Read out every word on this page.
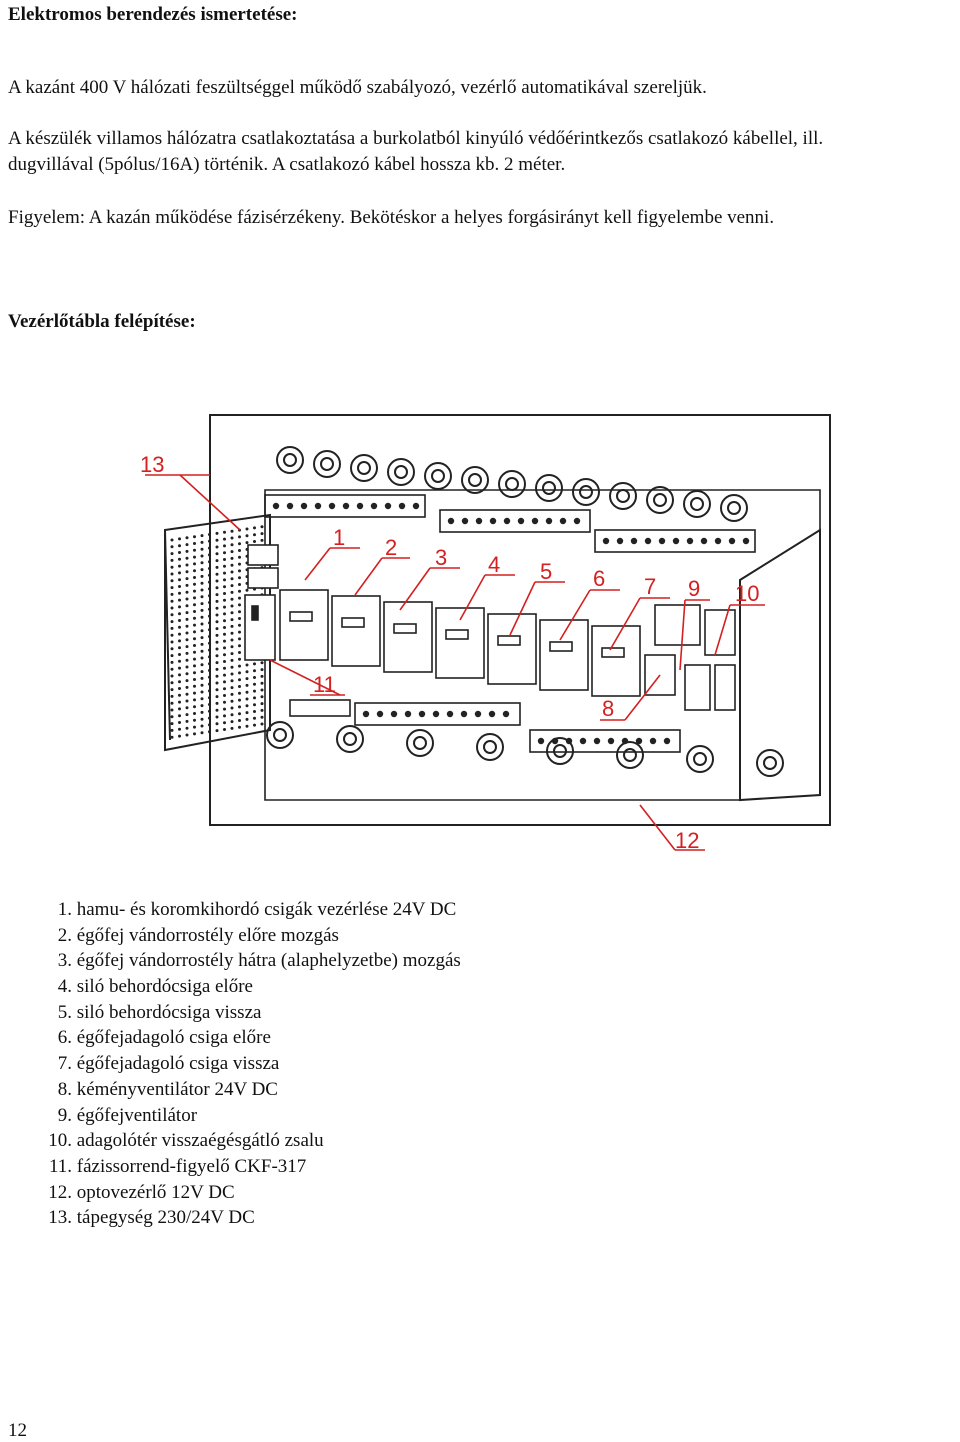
Elektromos berendezés ismertetése:
A kazánt 400 V hálózati feszültséggel működő szabályozó, vezérlő automatikával szereljük.
A készülék villamos hálózatra csatlakoztatása a burkolatból kinyúló védőérintkezős csatlakozó kábellel, ill.
dugvillával (5pólus/16A) történik. A csatlakozó kábel hossza kb. 2 méter.
Figyelem: A kazán működése fázisérzékeny. Bekötéskor a helyes forgásirányt kell figyelembe venni.
Vezérlőtábla felépítése:
13
1 2 3 4 5 6 7 9 10
11
8
12
1. hamu- és koromkihordó csigák vezérlése 24V DC
2. égőfej vándorrostély előre mozgás
3. égőfej vándorrostély hátra (alaphelyzetbe) mozgás
4. siló behordócsiga előre
5. siló behordócsiga vissza
6. égőfejadagoló csiga előre
7. égőfejadagoló csiga vissza
8. kéményventilátor 24V DC
9. égőfejventilátor
10. adagolótér visszaégésgátló zsalu
11. fázissorrend-figyelő CKF-317
12. optovezérlő 12V DC
13. tápegység 230/24V DC
12
